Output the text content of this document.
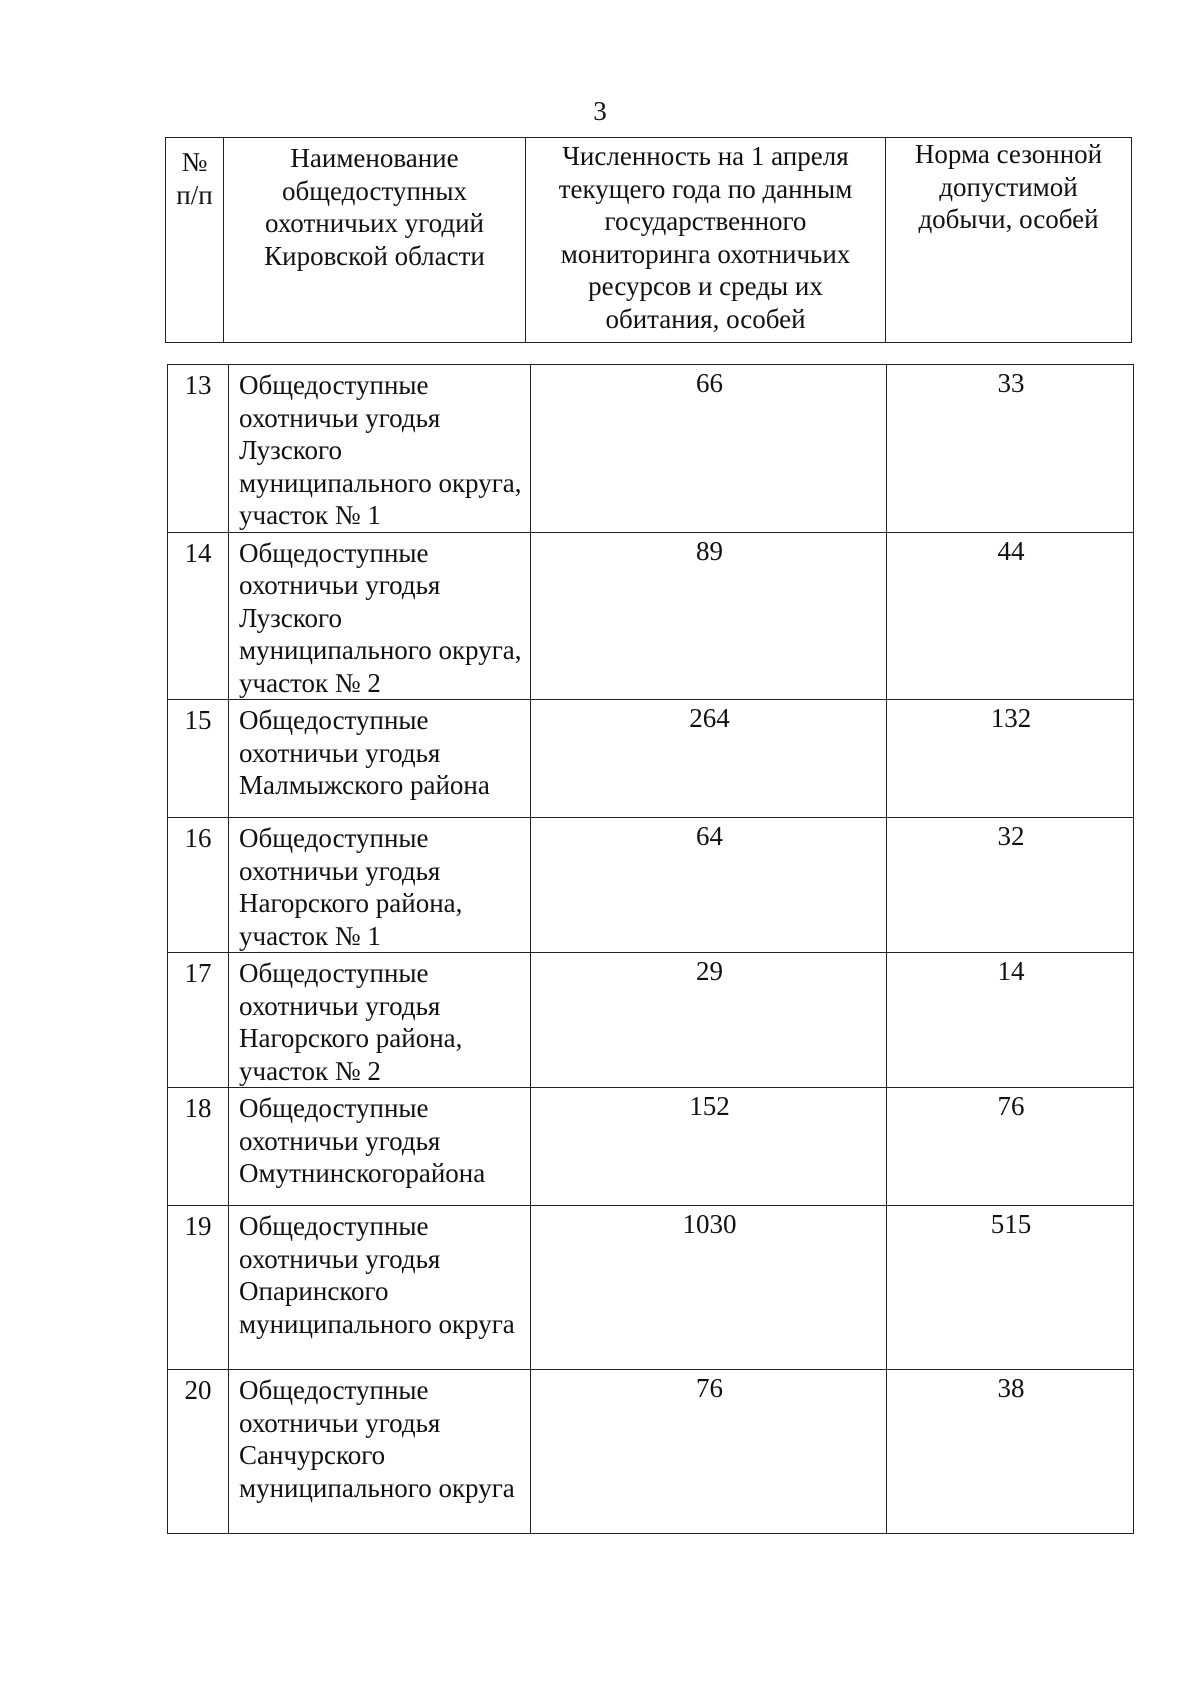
3
№ п/п	Наименование общедоступных охотничьих угодий Кировской области	Численность на 1 апреля текущего года по данным государственного мониторинга охотничьих ресурсов и среды их обитания, особей	Норма сезонной допустимой добычи, особей
13	Общедоступные охотничьи угодья Лузского муниципального округа, участок № 1	66	33
14	Общедоступные охотничьи угодья Лузского муниципального округа, участок № 2	89	44
15	Общедоступные охотничьи угодья Малмыжского района	264	132
16	Общедоступные охотничьи угодья Нагорского района, участок № 1	64	32
17	Общедоступные охотничьи угодья Нагорского района, участок № 2	29	14
18	Общедоступные охотничьи угодья Омутнинскогорайона	152	76
19	Общедоступные охотничьи угодья Опаринского муниципального округа	1030	515
20	Общедоступные охотничьи угодья Санчурского муниципального округа	76	38
